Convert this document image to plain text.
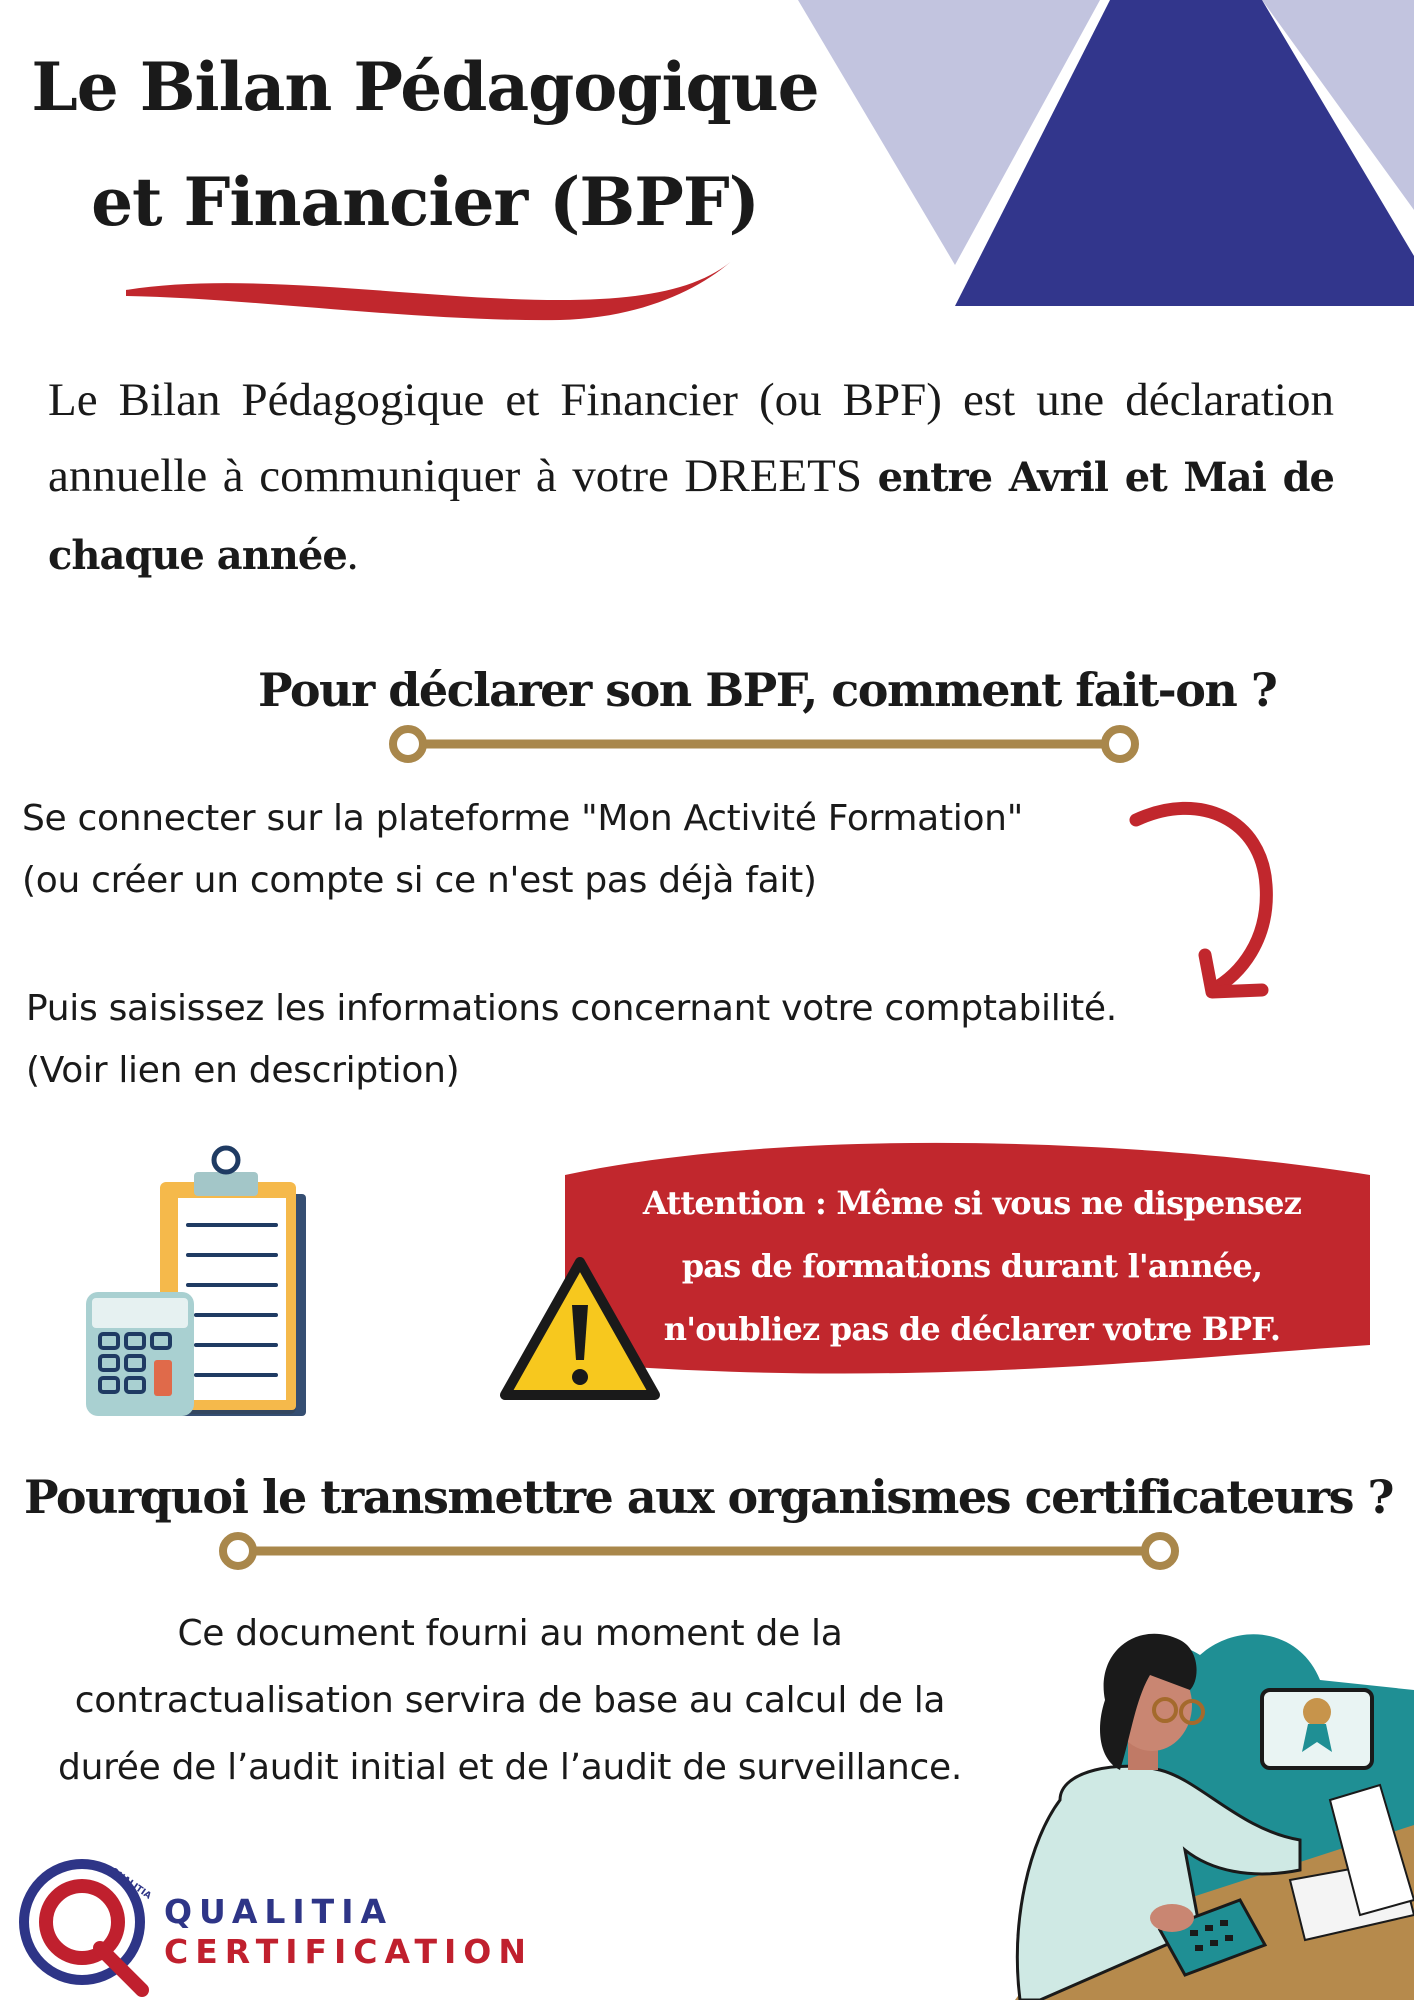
Le Bilan Pédagogique
et Financier (BPF)
Le Bilan Pédagogique et Financier (ou BPF) est une déclaration annuelle à communiquer à votre DREETS entre Avril et Mai de chaque année.
Pour déclarer son BPF, comment fait-on ?
Se connecter sur la plateforme "Mon Activité Formation"
(ou créer un compte si ce n'est pas déjà fait)
Puis saisissez les informations concernant votre comptabilité.
(Voir lien en description)
Attention : Même si vous ne dispensez
pas de formations durant l'année,
n'oubliez pas de déclarer votre BPF.
Pourquoi le transmettre aux organismes certificateurs ?
Ce document fourni au moment de la
contractualisation servira de base au calcul de la
durée de l’audit initial et de l’audit de surveillance.
QUALITIA
QUALITIA
CERTIFICATION
